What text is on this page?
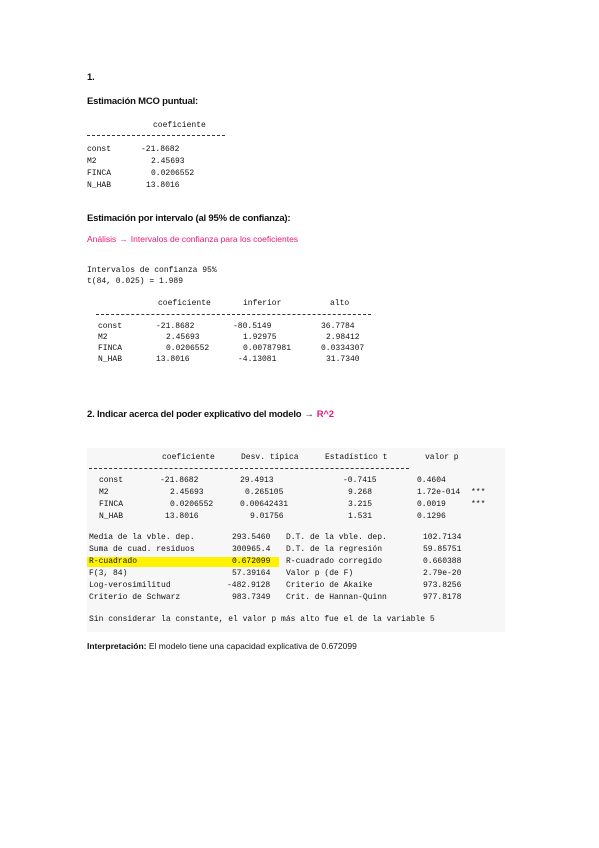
1.
Estimación MCO puntual:
coeficiente
const	-21.8682
M2	2.45693
FINCA	0.0206552
N_HAB	13.8016
Estimación por intervalo (al 95% de confianza):
Análisis → Intervalos de confianza para los coeficientes
Intervalos de confianza 95%
t(84, 0.025) = 1.989
coeficiente	inferior	alto
const	-21.8682	-80.5149	36.7784
M2	2.45693	1.92975	2.98412
FINCA	0.0206552	0.00787981	0.0334307
N_HAB	13.8016	-4.13081	31.7340
2. Indicar acerca del poder explicativo del modelo → R^2
coeficiente	Desv. típica	Estadístico t	valor p
const	-21.8682	29.4913	-0.7415	0.4604
M2	2.45693	0.265105	9.268	1.72e-014 ***
FINCA	0.0206552	0.00642431	3.215	0.0019	***
N_HAB	13.8016	9.01756	1.531	0.1296
Media de la vble. dep.	293.5460 D.T. de la vble. dep.	102.7134
Suma de cuad. residuos	300965.4 D.T. de la regresión	59.85751
R-cuadrado	0.672099 R-cuadrado corregido	0.660388
F(3, 84)	57.39164 Valor p (de F)	2.79e-20
Log-verosimilitud	-482.9128 Criterio de Akaike	973.8256
Criterio de Schwarz	983.7349 Crit. de Hannan-Quinn	977.8178
Sin considerar la constante, el valor p más alto fue el de la variable 5
Interpretación: El modelo tiene una capacidad explicativa de 0.672099
